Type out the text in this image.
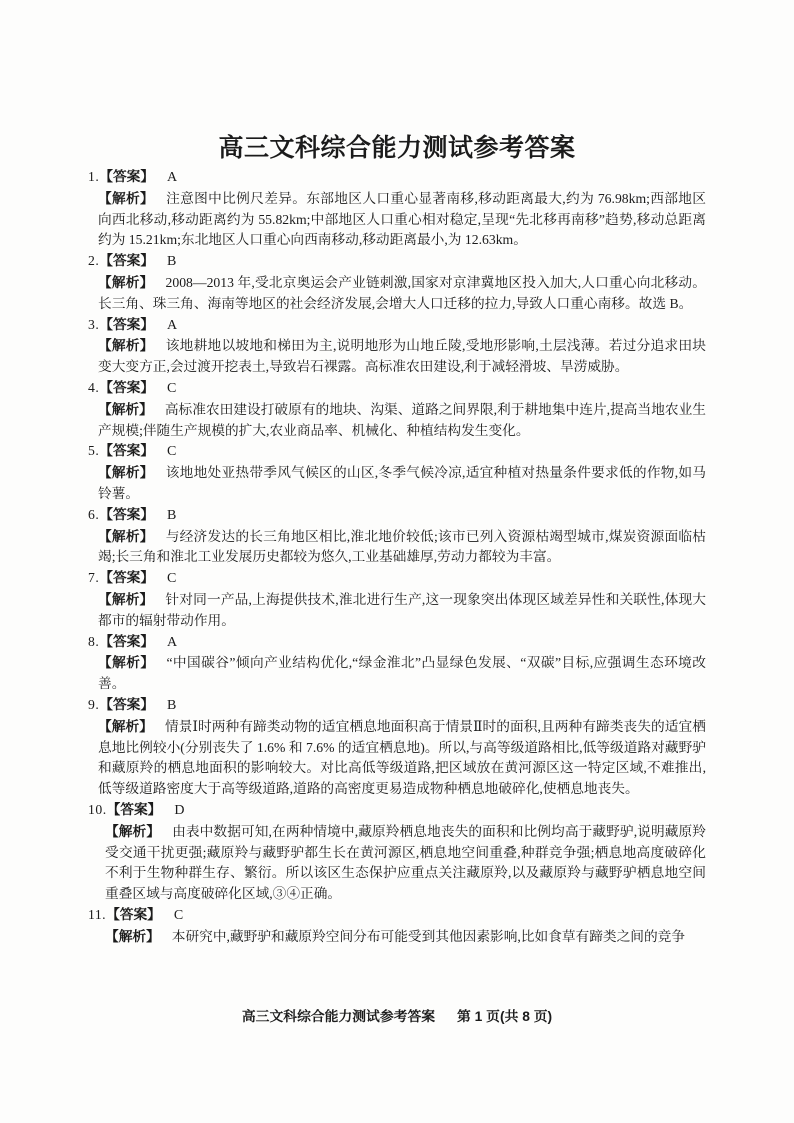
高三文科综合能力测试参考答案

1.【答案】 A

【解析】 注意图中比例尺差异。东部地区人口重心显著南移,移动距离最大,约为 76.98km;西部地区向西北移动,移动距离约为 55.82km;中部地区人口重心相对稳定,呈现“先北移再南移”趋势,移动总距离约为 15.21km;东北地区人口重心向西南移动,移动距离最小,为 12.63km。

2.【答案】 B

【解析】 2008—2013 年,受北京奥运会产业链刺激,国家对京津冀地区投入加大,人口重心向北移动。长三角、珠三角、海南等地区的社会经济发展,会增大人口迁移的拉力,导致人口重心南移。故选 B。

3.【答案】 A

【解析】 该地耕地以坡地和梯田为主,说明地形为山地丘陵,受地形影响,土层浅薄。若过分追求田块变大变方正,会过渡开挖表土,导致岩石裸露。高标准农田建设,利于减轻滑坡、旱涝威胁。

4.【答案】 C

【解析】 高标准农田建设打破原有的地块、沟渠、道路之间界限,利于耕地集中连片,提高当地农业生产规模;伴随生产规模的扩大,农业商品率、机械化、种植结构发生变化。

5.【答案】 C

【解析】 该地地处亚热带季风气候区的山区,冬季气候冷凉,适宜种植对热量条件要求低的作物,如马铃薯。

6.【答案】 B

【解析】 与经济发达的长三角地区相比,淮北地价较低;该市已列入资源枯竭型城市,煤炭资源面临枯竭;长三角和淮北工业发展历史都较为悠久,工业基础雄厚,劳动力都较为丰富。

7.【答案】 C

【解析】 针对同一产品,上海提供技术,淮北进行生产,这一现象突出体现区域差异性和关联性,体现大都市的辐射带动作用。

8.【答案】 A

【解析】 “中国碳谷”倾向产业结构优化,“绿金淮北”凸显绿色发展、“双碳”目标,应强调生态环境改善。

9.【答案】 B

【解析】 情景Ⅰ时两种有蹄类动物的适宜栖息地面积高于情景Ⅱ时的面积,且两种有蹄类丧失的适宜栖息地比例较小(分别丧失了 1.6% 和 7.6% 的适宜栖息地)。所以,与高等级道路相比,低等级道路对藏野驴和藏原羚的栖息地面积的影响较大。对比高低等级道路,把区域放在黄河源区这一特定区域,不难推出,低等级道路密度大于高等级道路,道路的高密度更易造成物种栖息地破碎化,使栖息地丧失。

10.【答案】 D

【解析】 由表中数据可知,在两种情境中,藏原羚栖息地丧失的面积和比例均高于藏野驴,说明藏原羚受交通干扰更强;藏原羚与藏野驴都生长在黄河源区,栖息地空间重叠,种群竞争强;栖息地高度破碎化不利于生物种群生存、繁衍。所以该区生态保护应重点关注藏原羚,以及藏原羚与藏野驴栖息地空间重叠区域与高度破碎化区域,③④正确。

11.【答案】 C

【解析】 本研究中,藏野驴和藏原羚空间分布可能受到其他因素影响,比如食草有蹄类之间的竞争

高三文科综合能力测试参考答案 第 1 页(共 8 页)
